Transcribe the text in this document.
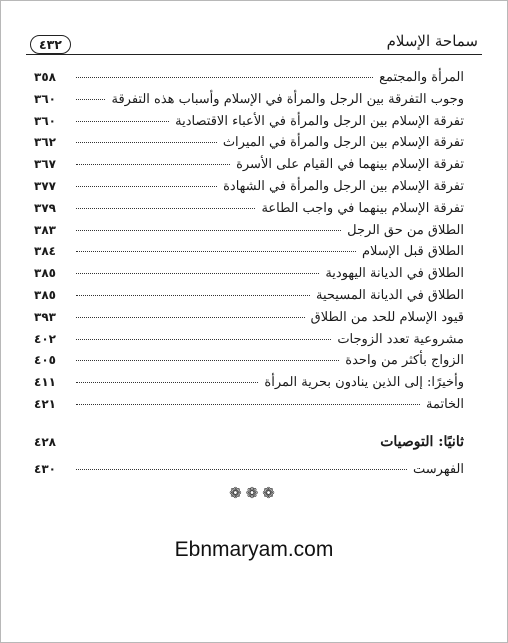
سماحة الإسلام
٤٣٢
المرأة والمجتمع
٣٥٨
وجوب التفرقة بين الرجل والمرأة في الإسلام وأسباب هذه التفرقة
٣٦٠
تفرقة الإسلام بين الرجل والمرأة في الأعباء الاقتصادية
٣٦٠
تفرقة الإسلام بين الرجل والمرأة في الميراث
٣٦٢
تفرقة الإسلام بينهما في القيام على الأسرة
٣٦٧
تفرقة الإسلام بين الرجل والمرأة في الشهادة
٣٧٧
تفرقة الإسلام بينهما في واجب الطاعة
٣٧٩
الطلاق من حق الرجل
٣٨٣
الطلاق قبل الإسلام
٣٨٤
الطلاق في الديانة اليهودية
٣٨٥
الطلاق في الديانة المسيحية
٣٨٥
قيود الإسلام للحد من الطلاق
٣٩٣
مشروعية تعدد الزوجات
٤٠٢
الزواج بأكثر من واحدة
٤٠٥
وأخيرًا: إلى الذين ينادون بحرية المرأة
٤١١
الخاتمة
٤٢١
ثانيًا: التوصيات
٤٢٨
الفهرست
٤٣٠
❁❁❁
Ebnmaryam.com
